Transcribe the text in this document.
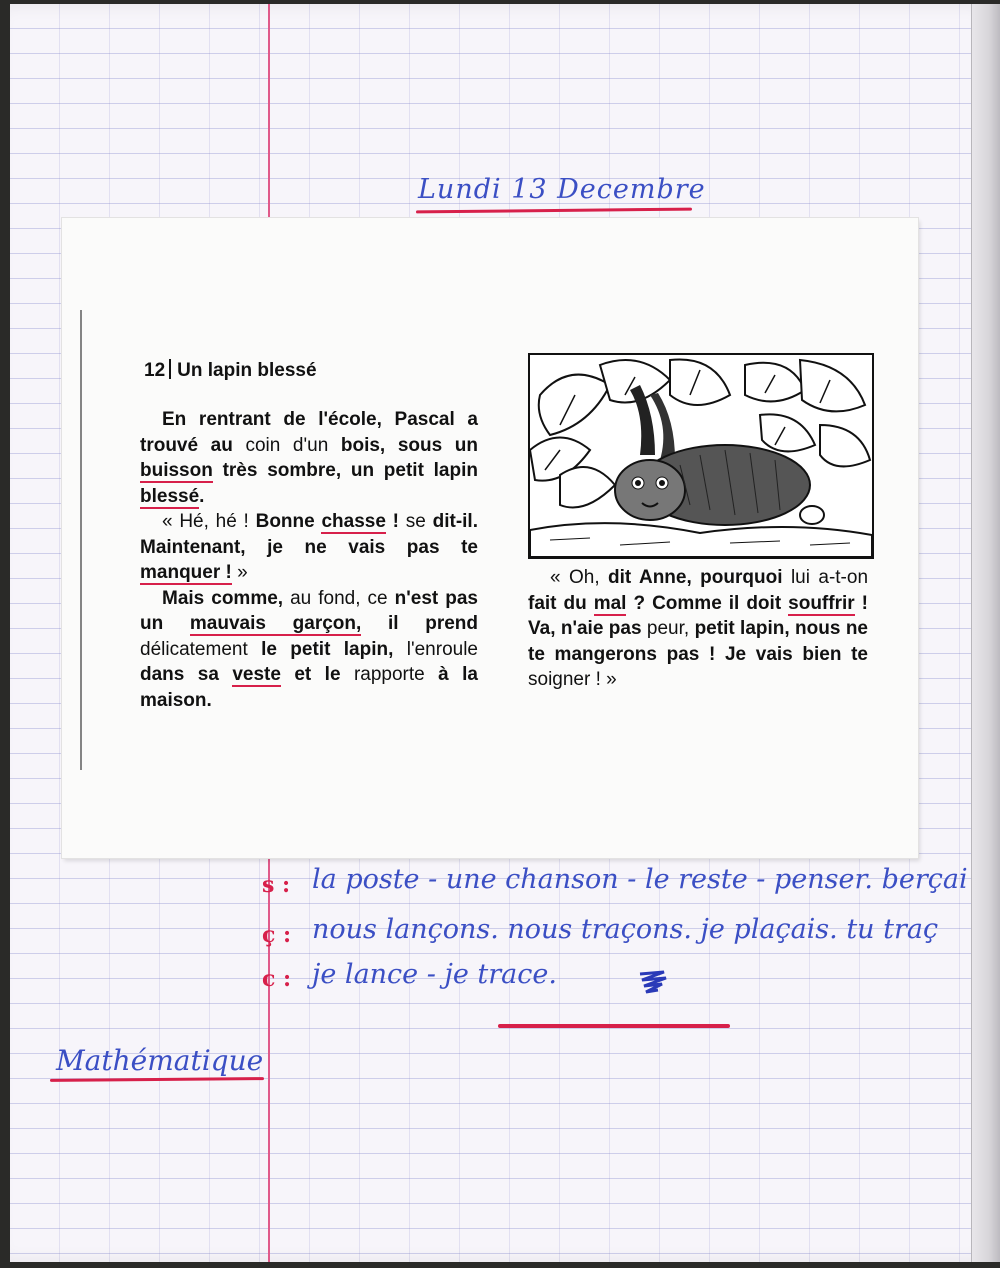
Lundi 13 Decembre
12 Un lapin blessé

En rentrant de l'école, Pascal a trouvé au coin d'un bois, sous un buisson très sombre, un petit lapin blessé.

« Hé, hé ! Bonne chasse ! se dit-il. Maintenant, je ne vais pas te manquer ! »

Mais comme, au fond, ce n'est pas un mauvais garçon, il prend délicatement le petit lapin, l'enroule dans sa veste et le rapporte à la maison.

« Oh, dit Anne, pourquoi lui a-t-on fait du mal ? Comme il doit souffrir ! Va, n'aie pas peur, petit lapin, nous ne te mangerons pas ! Je vais bien te soigner ! »

s : la poste - une chanson - le reste - penser. berçai
ç : nous lançons. nous traçons. je plaçais. tu traç
c : je lance - je trace.
Mathématique
